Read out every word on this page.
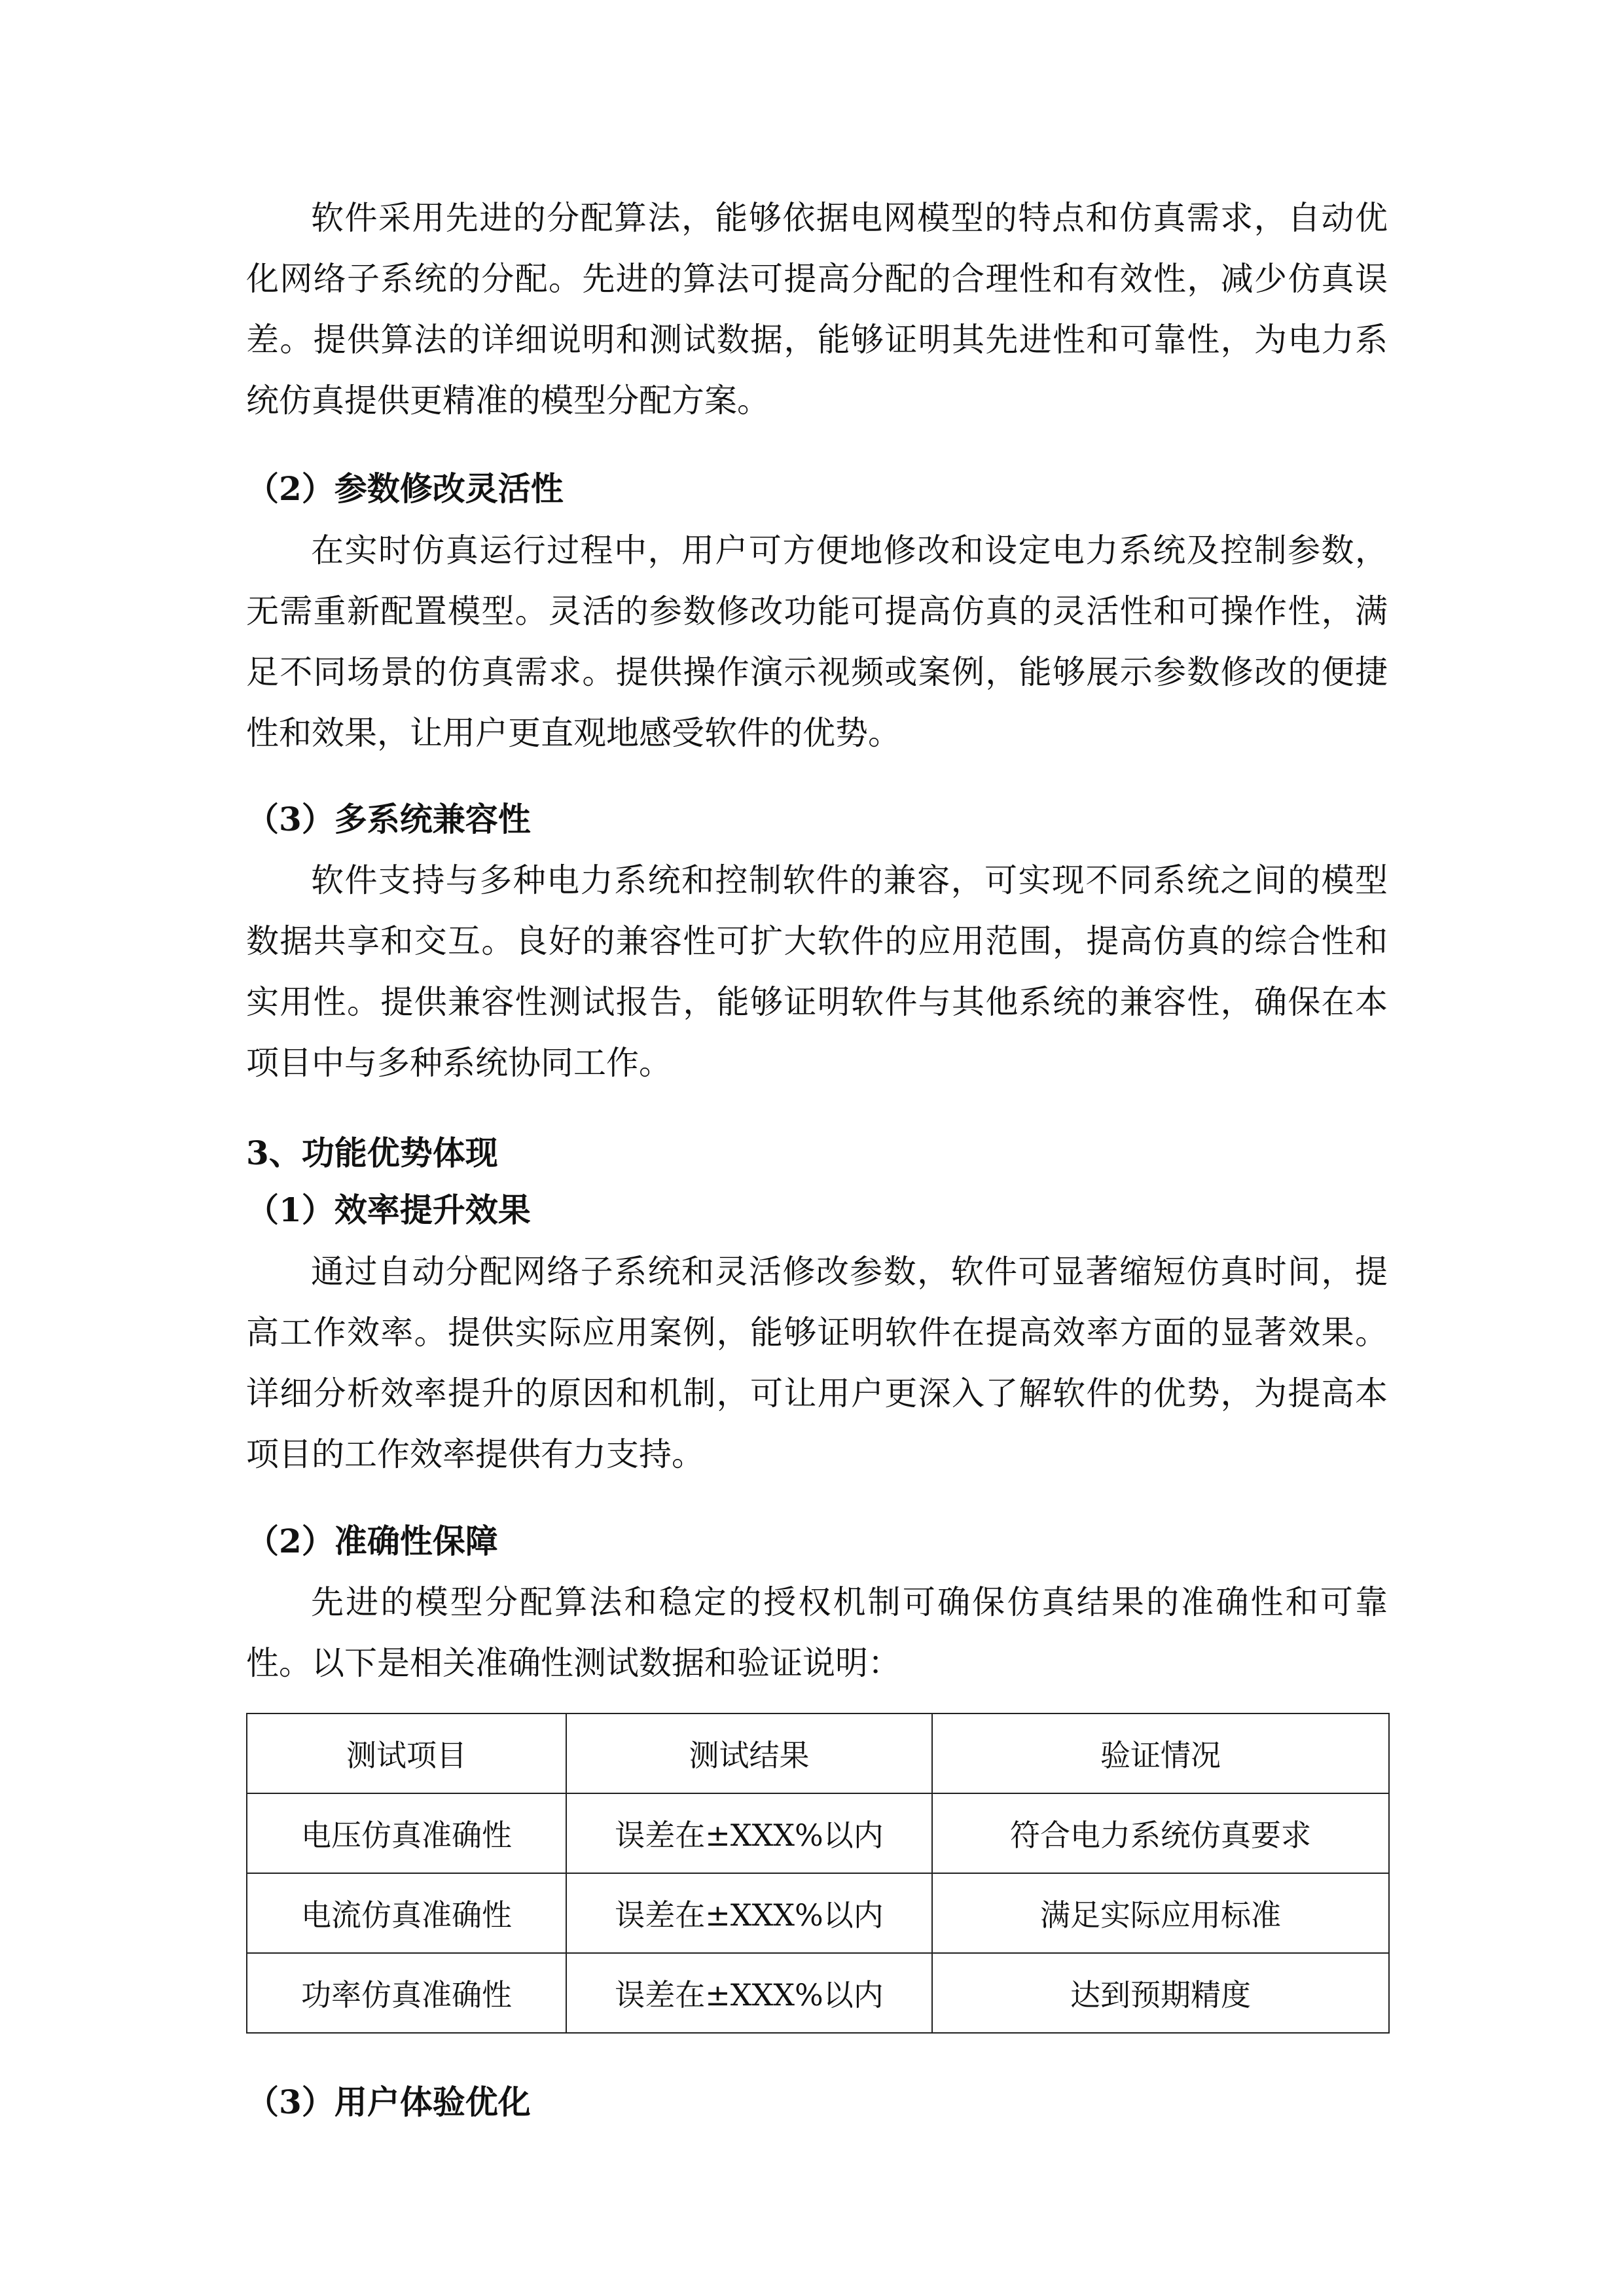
软件采用先进的分配算法，能够依据电网模型的特点和仿真需求，自动优化网络子系统的分配。先进的算法可提高分配的合理性和有效性，减少仿真误差。提供算法的详细说明和测试数据，能够证明其先进性和可靠性，为电力系统仿真提供更精准的模型分配方案。

（2）参数修改灵活性

在实时仿真运行过程中，用户可方便地修改和设定电力系统及控制参数，无需重新配置模型。灵活的参数修改功能可提高仿真的灵活性和可操作性，满足不同场景的仿真需求。提供操作演示视频或案例，能够展示参数修改的便捷性和效果，让用户更直观地感受软件的优势。

（3）多系统兼容性

软件支持与多种电力系统和控制软件的兼容，可实现不同系统之间的模型数据共享和交互。良好的兼容性可扩大软件的应用范围，提高仿真的综合性和实用性。提供兼容性测试报告，能够证明软件与其他系统的兼容性，确保在本项目中与多种系统协同工作。

3、功能优势体现
（1）效率提升效果

通过自动分配网络子系统和灵活修改参数，软件可显著缩短仿真时间，提高工作效率。提供实际应用案例，能够证明软件在提高效率方面的显著效果。详细分析效率提升的原因和机制，可让用户更深入了解软件的优势，为提高本项目的工作效率提供有力支持。

（2）准确性保障

先进的模型分配算法和稳定的授权机制可确保仿真结果的准确性和可靠性。以下是相关准确性测试数据和验证说明：

测试项目	测试结果	验证情况
电压仿真准确性	误差在±XXX%以内	符合电力系统仿真要求
电流仿真准确性	误差在±XXX%以内	满足实际应用标准
功率仿真准确性	误差在±XXX%以内	达到预期精度
（3）用户体验优化
